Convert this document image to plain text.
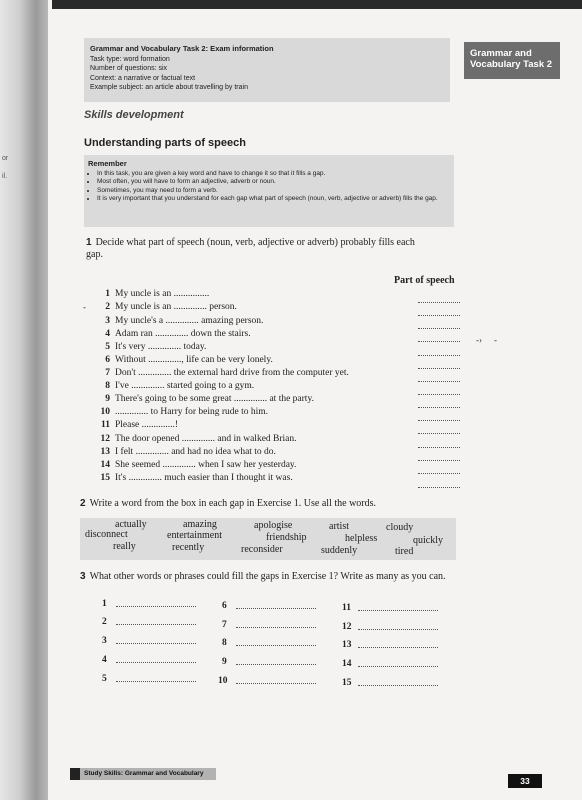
or
il.
Grammar and Vocabulary Task 2: Exam information
Task type: word formation
Number of questions: six
Context: a narrative or factual text
Example subject: an article about travelling by train
Grammar and
Vocabulary Task 2
Skills development
Understanding parts of speech
Remember
• In this task, you are given a key word and have to change it so that it fills a gap.
• Most often, you will have to form an adjective, adverb or noun.
• Sometimes, you may need to form a verb.
• It is very important that you understand for each gap what part of speech (noun, verb, adjective or adverb) fills the gap.
1 Decide what part of speech (noun, verb, adjective or adverb) probably fills each gap.
Part of speech
1 My uncle is an ...............
2 My uncle is an .............. person.
3 My uncle's a .............. amazing person.
4 Adam ran .............. down the stairs.
5 It's very .............. today.
6 Without .............., life can be very lonely.
7 Don't .............. the external hard drive from the computer yet.
8 I've .............. started going to a gym.
9 There's going to be some great .............. at the party.
10 .............. to Harry for being rude to him.
11 Please ..............!
12 The door opened .............. and in walked Brian.
13 I felt .............. and had no idea what to do.
14 She seemed .............. when I saw her yesterday.
15 It's .............. much easier than I thought it was.
-
‑› -
2 Write a word from the box in each gap in Exercise 1. Use all the words.
actually	amazing	apologise	artist	cloudy
disconnect	entertainment	friendship	helpless	quickly
really	recently	reconsider	suddenly	tired
3 What other words or phrases could fill the gaps in Exercise 1? Write as many as you can.
1
2
3
4
5
6
7
8
9
10
11
12
13
14
15
Study Skills: Grammar and Vocabulary
33
